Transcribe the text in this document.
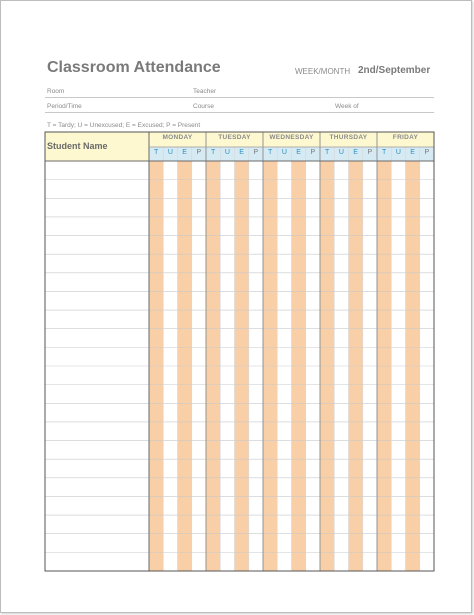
Classroom Attendance	WEEK/MONTH 2nd/September
Room	Teacher
Period/Time	Course	Week of
T = Tardy; U = Unexcused; E = Excused; P = Present
Student Name
MONDAY	TUESDAY	WEDNESDAY	THURSDAY	FRIDAY
T	U	E	P	T	U	E	P	T	U	E	P	T	U	E	P	T	U	E	P
